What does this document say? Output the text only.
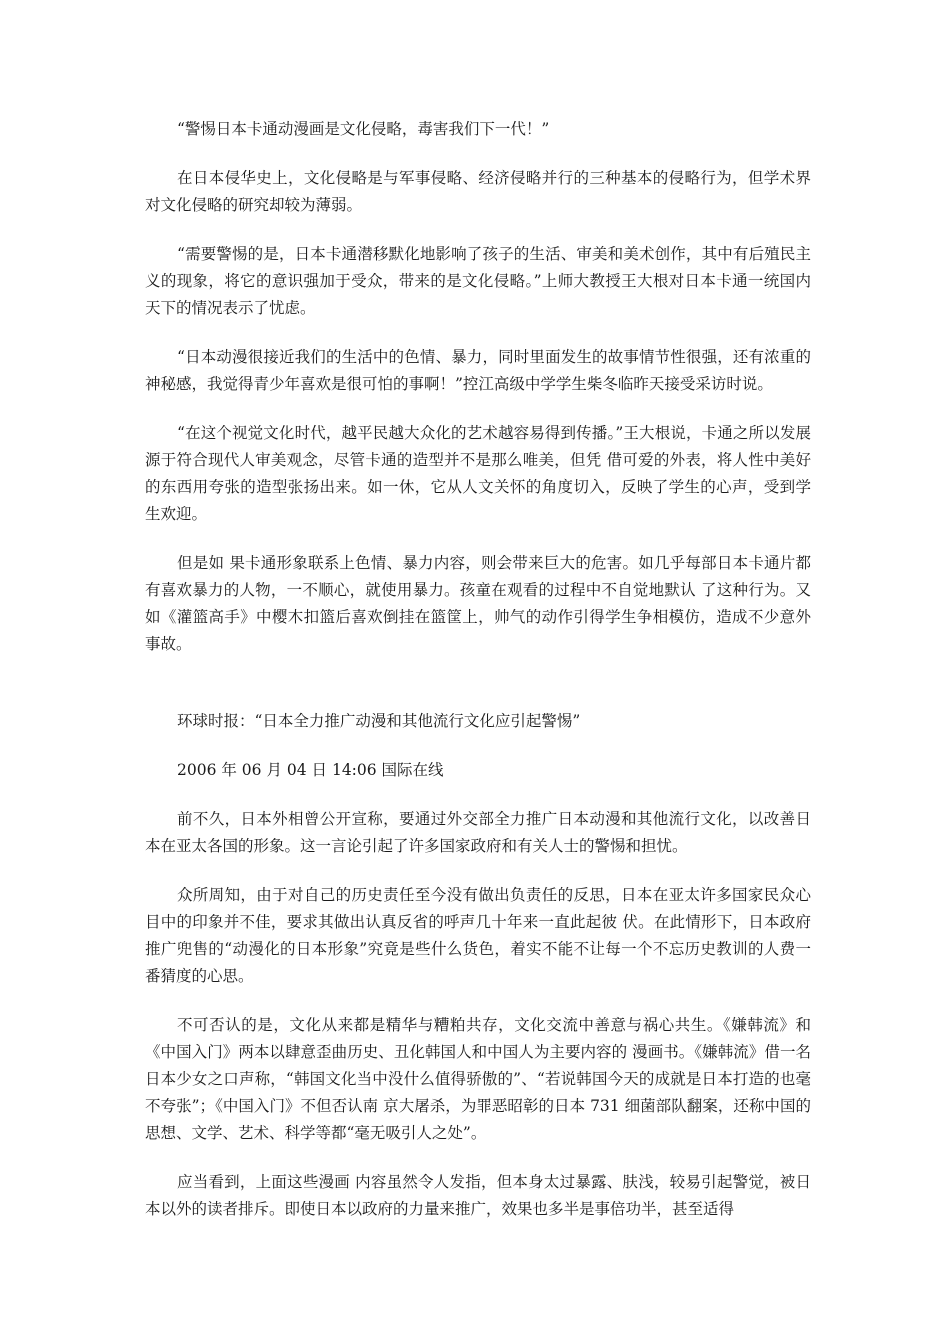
“警惕日本卡通动漫画是文化侵略，毒害我们下一代！”

在日本侵华史上，文化侵略是与军事侵略、经济侵略并行的三种基本的侵略行为，但学术界对文化侵略的研究却较为薄弱。

“需要警惕的是，日本卡通潜移默化地影响了孩子的生活、审美和美术创作，其中有后殖民主义的现象，将它的意识强加于受众，带来的是文化侵略。”上师大教授王大根对日本卡通一统国内天下的情况表示了忧虑。

“日本动漫很接近我们的生活中的色情、暴力，同时里面发生的故事情节性很强，还有浓重的神秘感，我觉得青少年喜欢是很可怕的事啊！”控江高级中学学生柴冬临昨天接受采访时说。

“在这个视觉文化时代，越平民越大众化的艺术越容易得到传播。”王大根说，卡通之所以发展源于符合现代人审美观念，尽管卡通的造型并不是那么唯美，但凭 借可爱的外表，将人性中美好的东西用夸张的造型张扬出来。如一休，它从人文关怀的角度切入，反映了学生的心声，受到学生欢迎。

但是如 果卡通形象联系上色情、暴力内容，则会带来巨大的危害。如几乎每部日本卡通片都有喜欢暴力的人物，一不顺心，就使用暴力。孩童在观看的过程中不自觉地默认 了这种行为。又如《灌篮高手》中樱木扣篮后喜欢倒挂在篮筐上，帅气的动作引得学生争相模仿，造成不少意外事故。

环球时报：“日本全力推广动漫和其他流行文化应引起警惕”

2006 年 06 月 04 日 14:06 国际在线

前不久，日本外相曾公开宣称，要通过外交部全力推广日本动漫和其他流行文化，以改善日本在亚太各国的形象。这一言论引起了许多国家政府和有关人士的警惕和担忧。

众所周知，由于对自己的历史责任至今没有做出负责任的反思，日本在亚太许多国家民众心目中的印象并不佳，要求其做出认真反省的呼声几十年来一直此起彼 伏。在此情形下，日本政府推广兜售的“动漫化的日本形象”究竟是些什么货色，着实不能不让每一个不忘历史教训的人费一番猜度的心思。

不可否认的是，文化从来都是精华与糟粕共存，文化交流中善意与祸心共生。《嫌韩流》和《中国入门》两本以肆意歪曲历史、丑化韩国人和中国人为主要内容的 漫画书。《嫌韩流》借一名日本少女之口声称，“韩国文化当中没什么值得骄傲的”、“若说韩国今天的成就是日本打造的也毫不夸张”；《中国入门》不但否认南 京大屠杀，为罪恶昭彰的日本 731 细菌部队翻案，还称中国的思想、文学、艺术、科学等都“毫无吸引人之处”。

应当看到，上面这些漫画 内容虽然令人发指，但本身太过暴露、肤浅，较易引起警觉，被日本以外的读者排斥。即使日本以政府的力量来推广，效果也多半是事倍功半，甚至适得
